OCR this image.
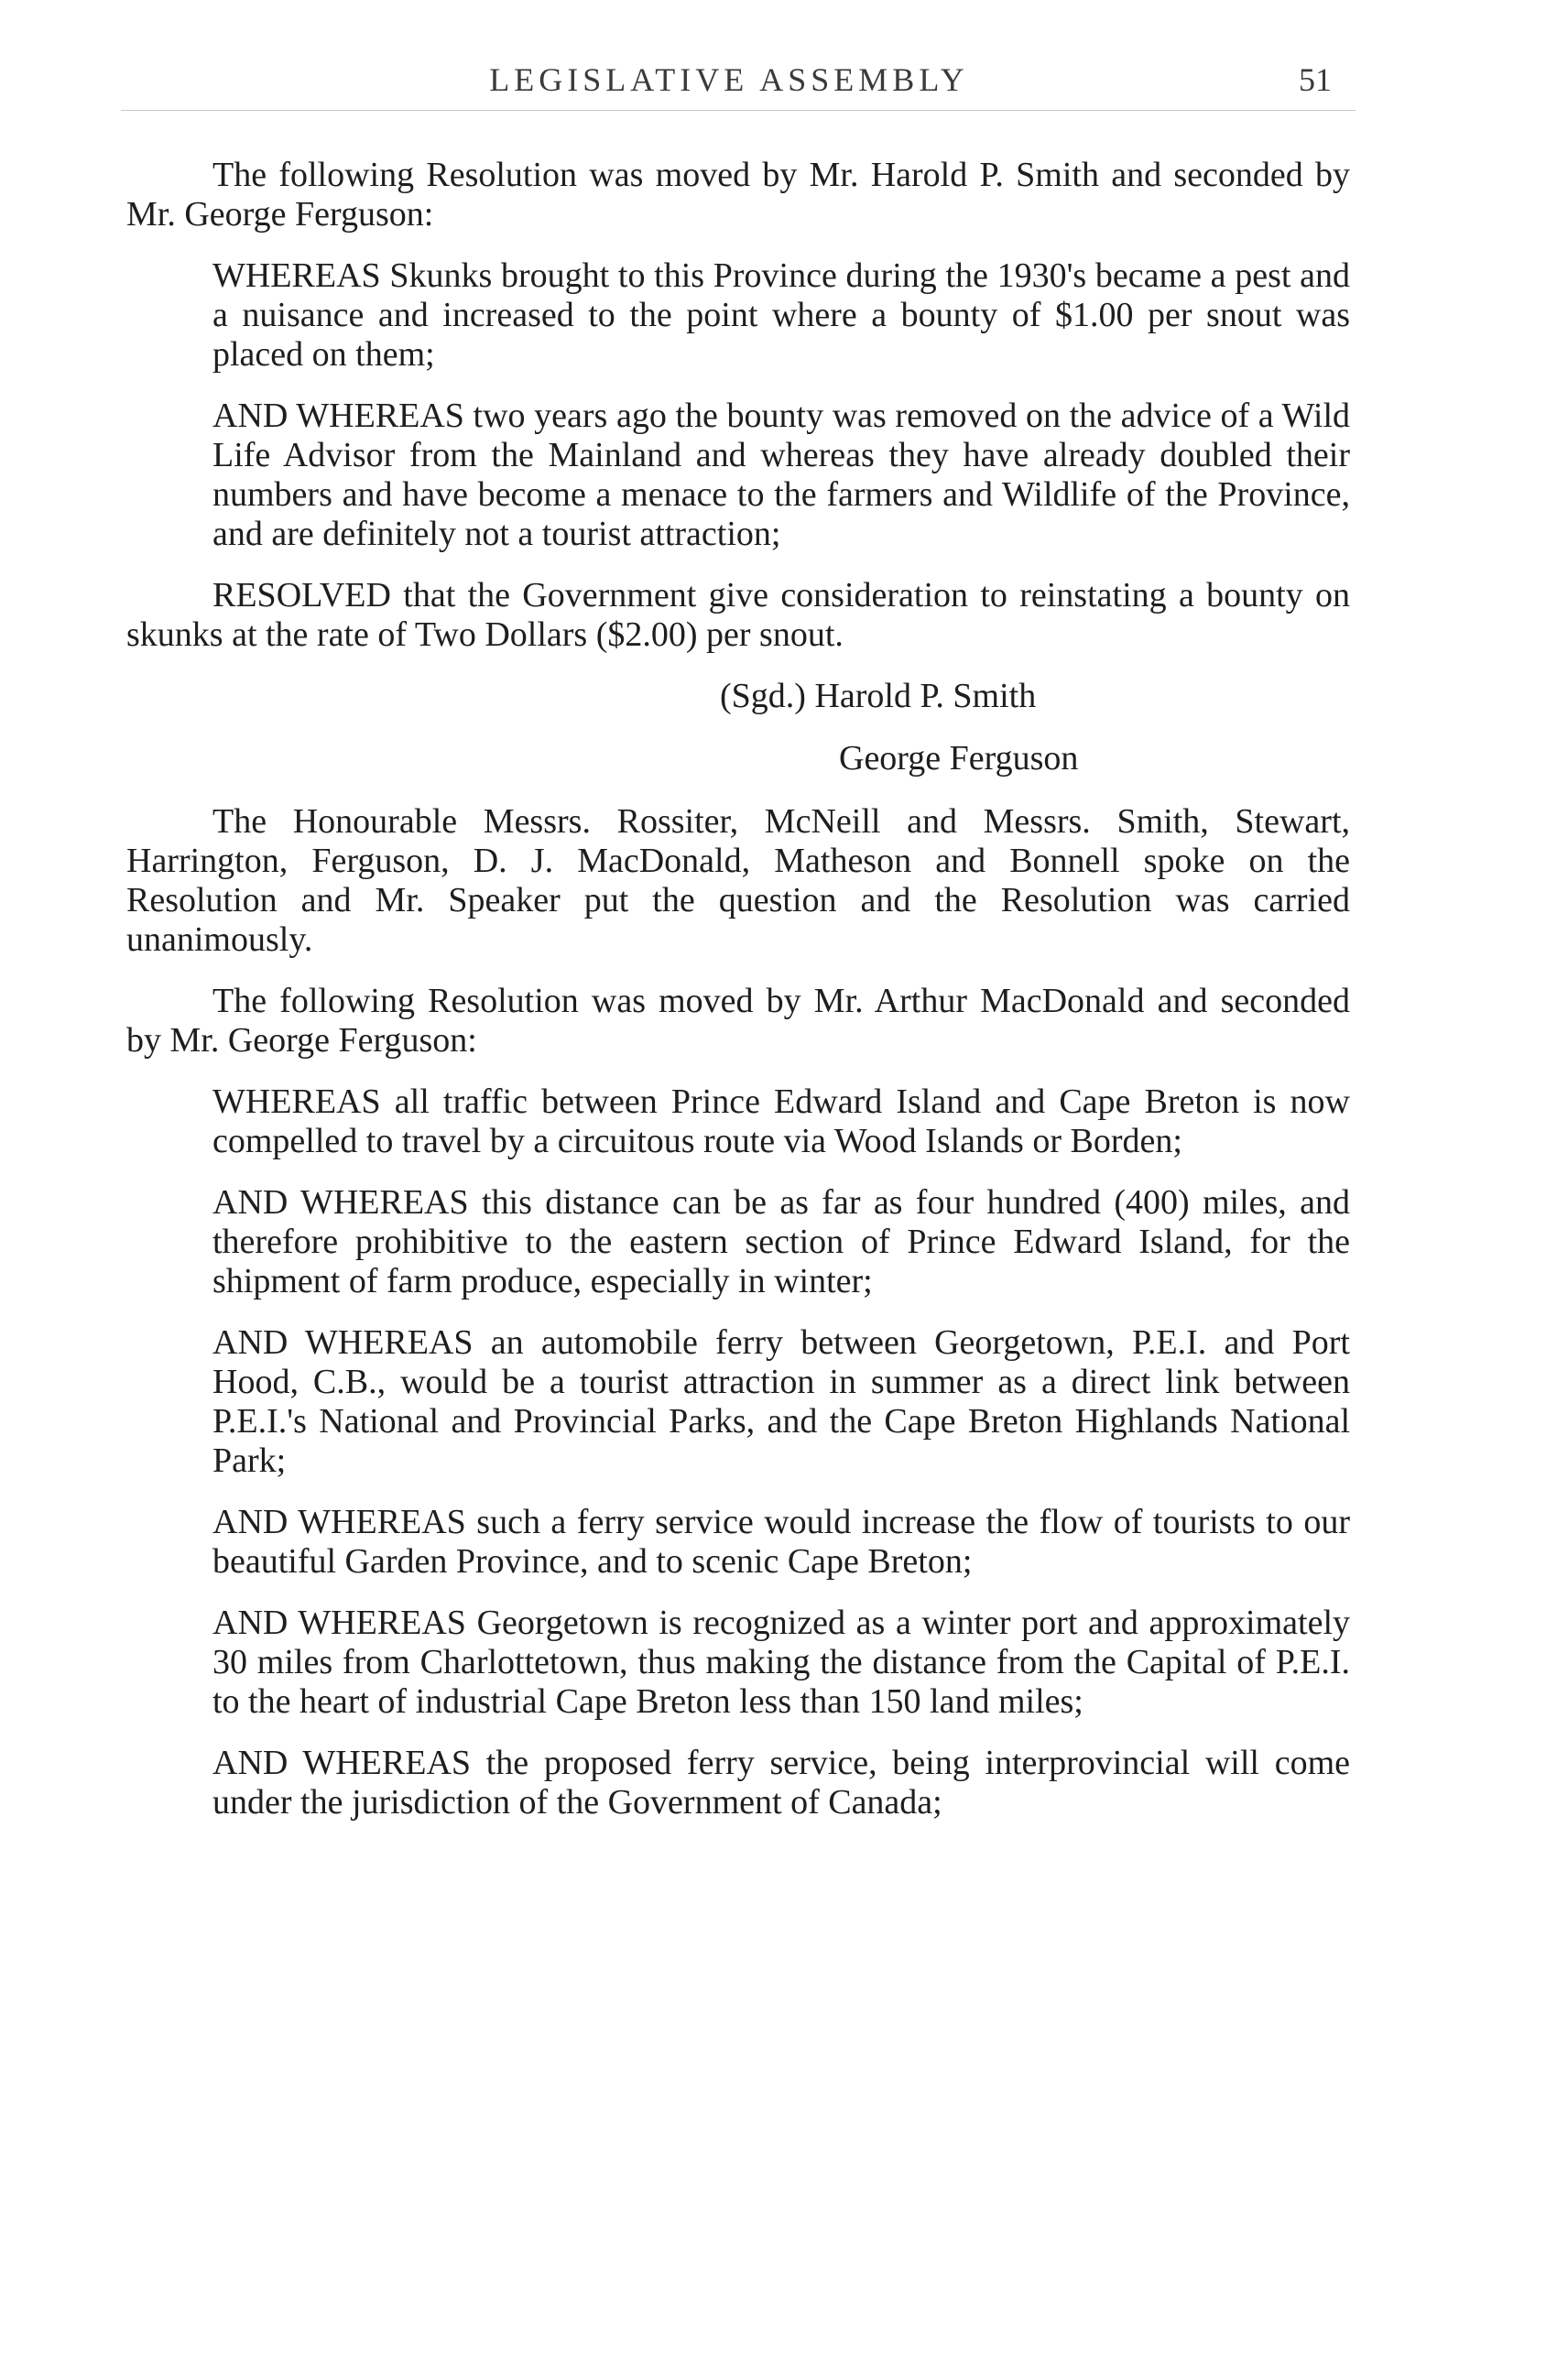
LEGISLATIVE ASSEMBLY	51

The following Resolution was moved by Mr. Harold P. Smith and seconded by Mr. George Ferguson:

WHEREAS Skunks brought to this Province during the 1930's became a pest and a nuisance and increased to the point where a bounty of $1.00 per snout was placed on them;

AND WHEREAS two years ago the bounty was removed on the advice of a Wild Life Advisor from the Mainland and whereas they have already doubled their numbers and have become a menace to the farmers and Wildlife of the Province, and are definitely not a tourist attraction;

RESOLVED that the Government give consideration to reinstating a bounty on skunks at the rate of Two Dollars ($2.00) per snout.

(Sgd.) Harold P. Smith
George Ferguson

The Honourable Messrs. Rossiter, McNeill and Messrs. Smith, Stewart, Harrington, Ferguson, D. J. MacDonald, Matheson and Bonnell spoke on the Resolution and Mr. Speaker put the question and the Resolution was carried unanimously.

The following Resolution was moved by Mr. Arthur MacDonald and seconded by Mr. George Ferguson:

WHEREAS all traffic between Prince Edward Island and Cape Breton is now compelled to travel by a circuitous route via Wood Islands or Borden;

AND WHEREAS this distance can be as far as four hundred (400) miles, and therefore prohibitive to the eastern section of Prince Edward Island, for the shipment of farm produce, especially in winter;

AND WHEREAS an automobile ferry between Georgetown, P.E.I. and Port Hood, C.B., would be a tourist attraction in summer as a direct link between P.E.I.'s National and Provincial Parks, and the Cape Breton Highlands National Park;

AND WHEREAS such a ferry service would increase the flow of tourists to our beautiful Garden Province, and to scenic Cape Breton;

AND WHEREAS Georgetown is recognized as a winter port and approximately 30 miles from Charlottetown, thus making the distance from the Capital of P.E.I. to the heart of industrial Cape Breton less than 150 land miles;

AND WHEREAS the proposed ferry service, being interprovincial will come under the jurisdiction of the Government of Canada;
